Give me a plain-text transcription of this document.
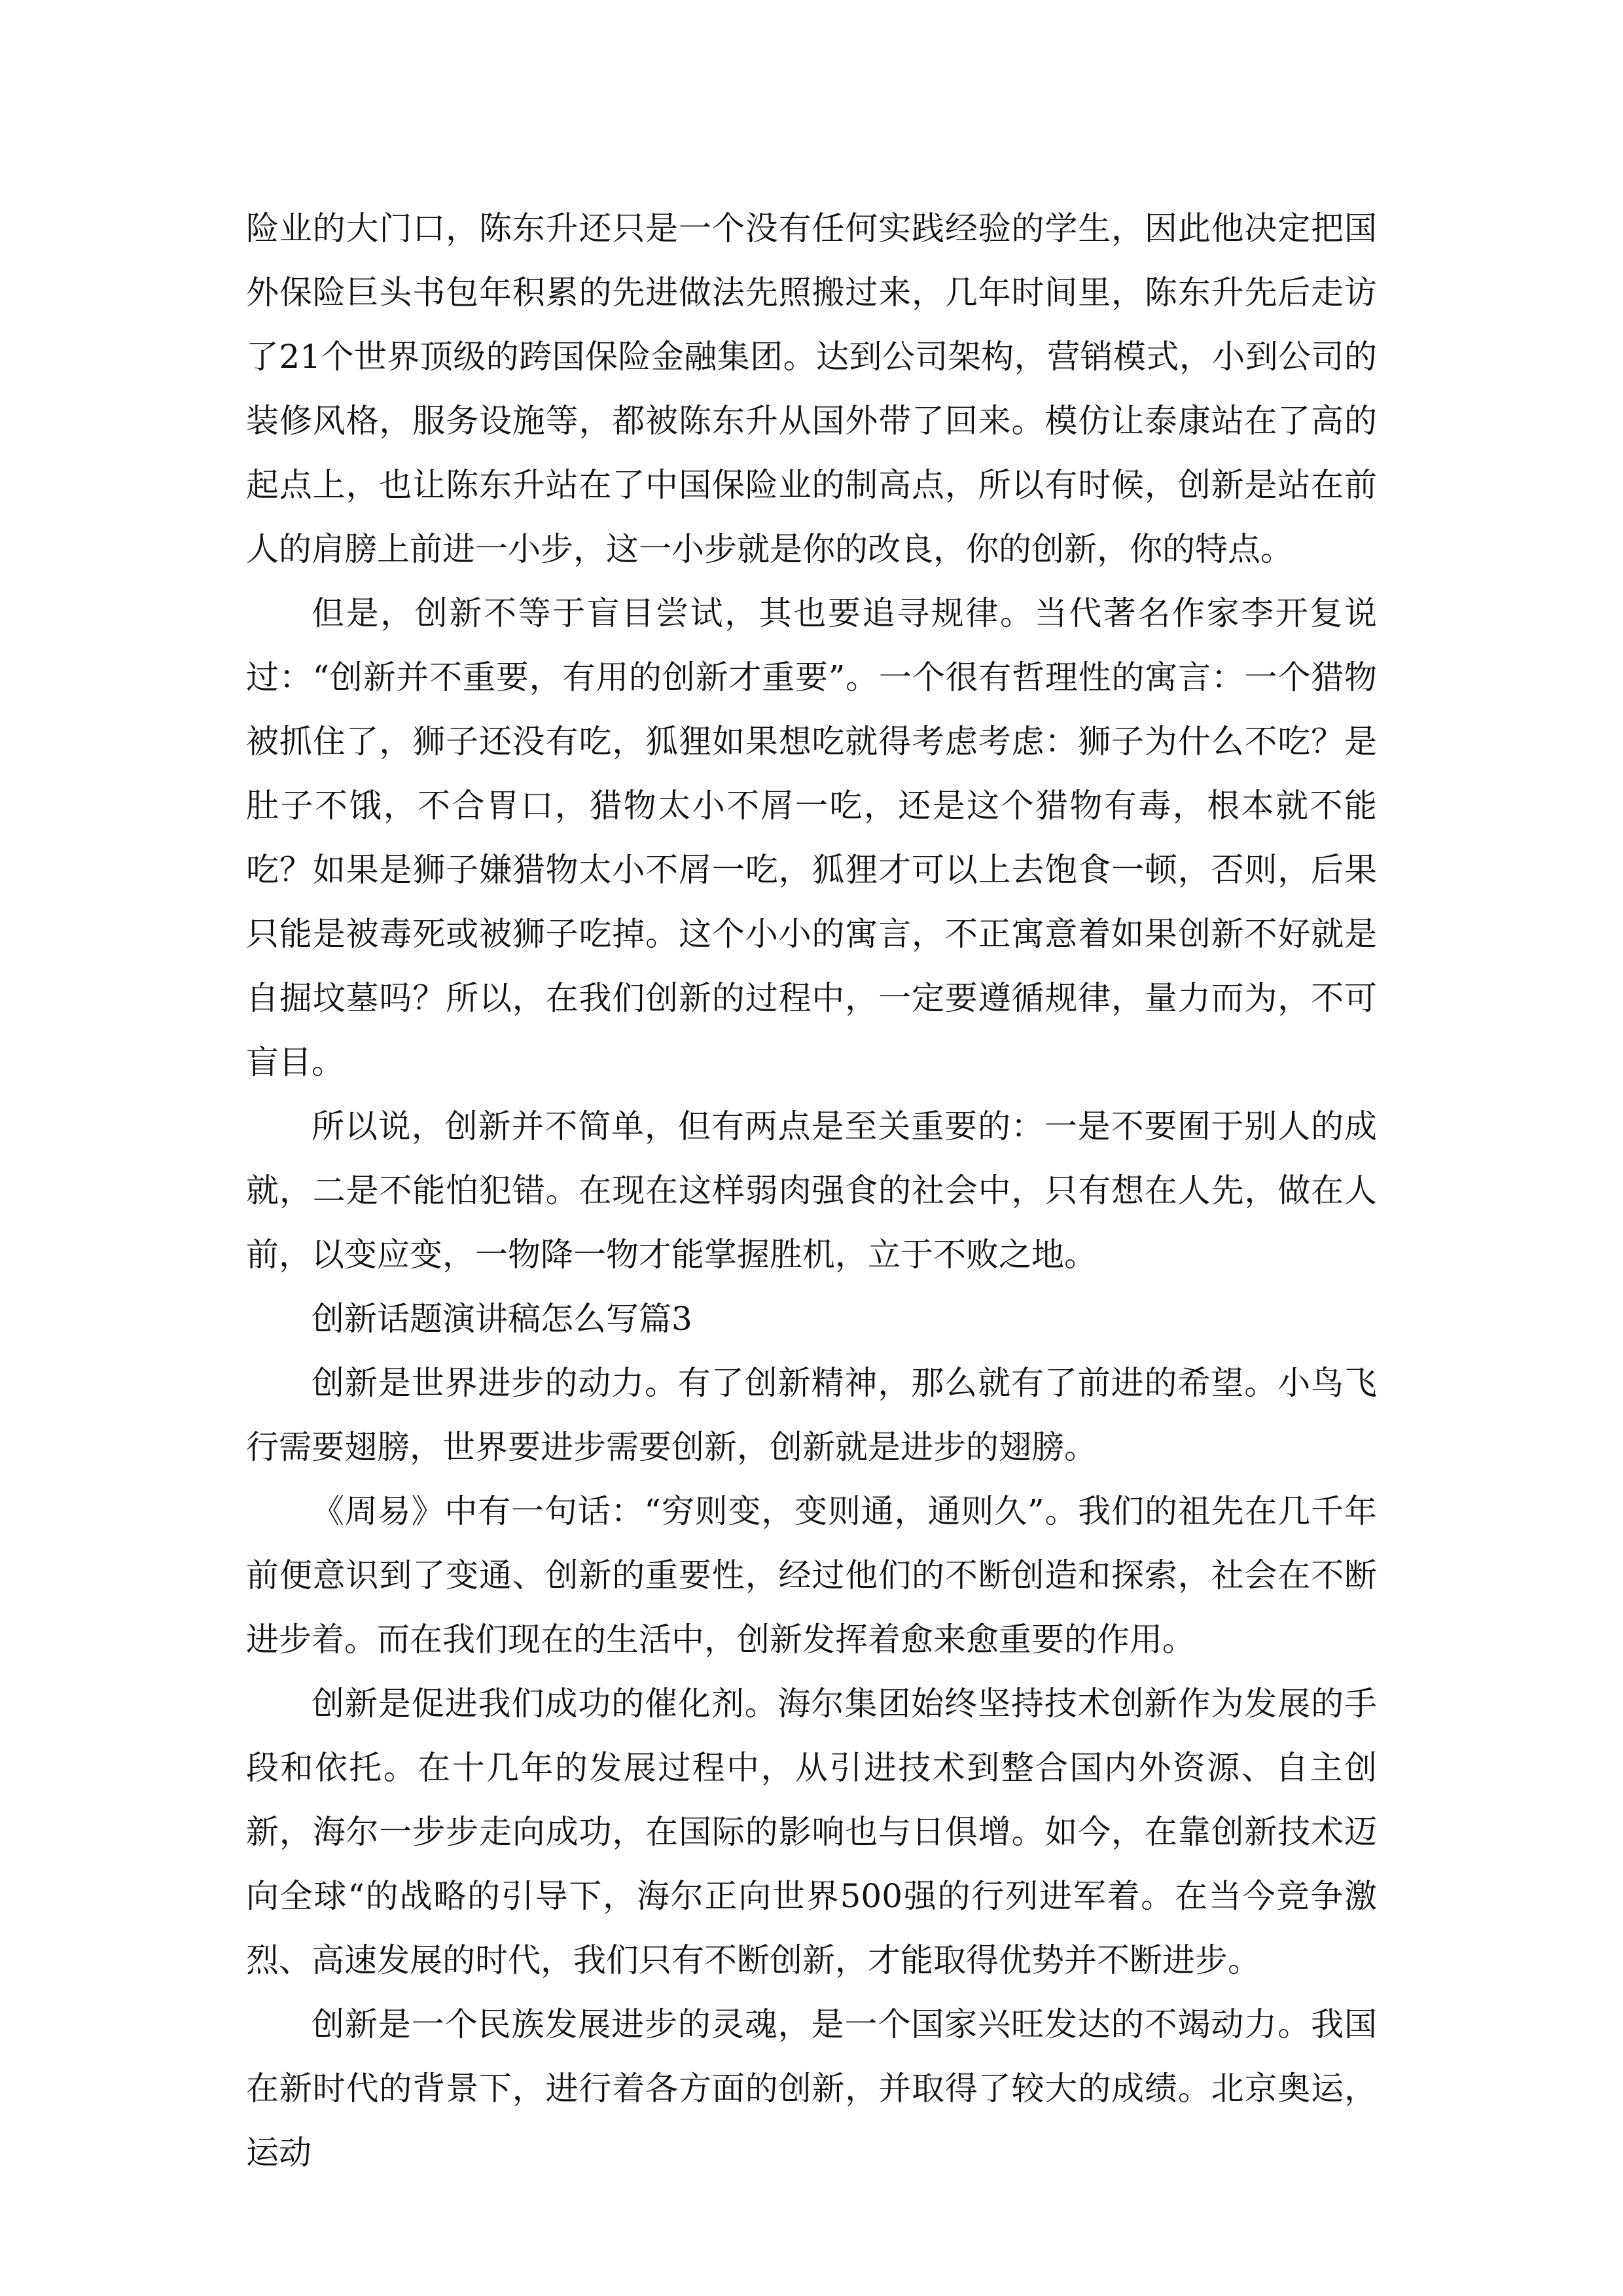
险业的大门口，陈东升还只是一个没有任何实践经验的学生，因此他决定把国外保险巨头书包年积累的先进做法先照搬过来，几年时间里，陈东升先后走访了21个世界顶级的跨国保险金融集团。达到公司架构，营销模式，小到公司的装修风格，服务设施等，都被陈东升从国外带了回来。模仿让泰康站在了高的起点上，也让陈东升站在了中国保险业的制高点，所以有时候，创新是站在前人的肩膀上前进一小步，这一小步就是你的改良，你的创新，你的特点。

但是，创新不等于盲目尝试，其也要追寻规律。当代著名作家李开复说过：“创新并不重要，有用的创新才重要”。一个很有哲理性的寓言：一个猎物被抓住了，狮子还没有吃，狐狸如果想吃就得考虑考虑：狮子为什么不吃？是肚子不饿，不合胃口，猎物太小不屑一吃，还是这个猎物有毒，根本就不能吃？如果是狮子嫌猎物太小不屑一吃，狐狸才可以上去饱食一顿，否则，后果只能是被毒死或被狮子吃掉。这个小小的寓言，不正寓意着如果创新不好就是自掘坟墓吗？所以，在我们创新的过程中，一定要遵循规律，量力而为，不可盲目。

所以说，创新并不简单，但有两点是至关重要的：一是不要囿于别人的成就，二是不能怕犯错。在现在这样弱肉强食的社会中，只有想在人先，做在人前，以变应变，一物降一物才能掌握胜机，立于不败之地。

创新话题演讲稿怎么写篇3

创新是世界进步的动力。有了创新精神，那么就有了前进的希望。小鸟飞行需要翅膀，世界要进步需要创新，创新就是进步的翅膀。

《周易》中有一句话：“穷则变，变则通，通则久”。我们的祖先在几千年前便意识到了变通、创新的重要性，经过他们的不断创造和探索，社会在不断进步着。而在我们现在的生活中，创新发挥着愈来愈重要的作用。

创新是促进我们成功的催化剂。海尔集团始终坚持技术创新作为发展的手段和依托。在十几年的发展过程中，从引进技术到整合国内外资源、自主创新，海尔一步步走向成功，在国际的影响也与日俱增。如今，在靠创新技术迈向全球“的战略的引导下，海尔正向世界500强的行列进军着。在当今竞争激烈、高速发展的时代，我们只有不断创新，才能取得优势并不断进步。

创新是一个民族发展进步的灵魂，是一个国家兴旺发达的不竭动力。我国在新时代的背景下，进行着各方面的创新，并取得了较大的成绩。北京奥运，运动
